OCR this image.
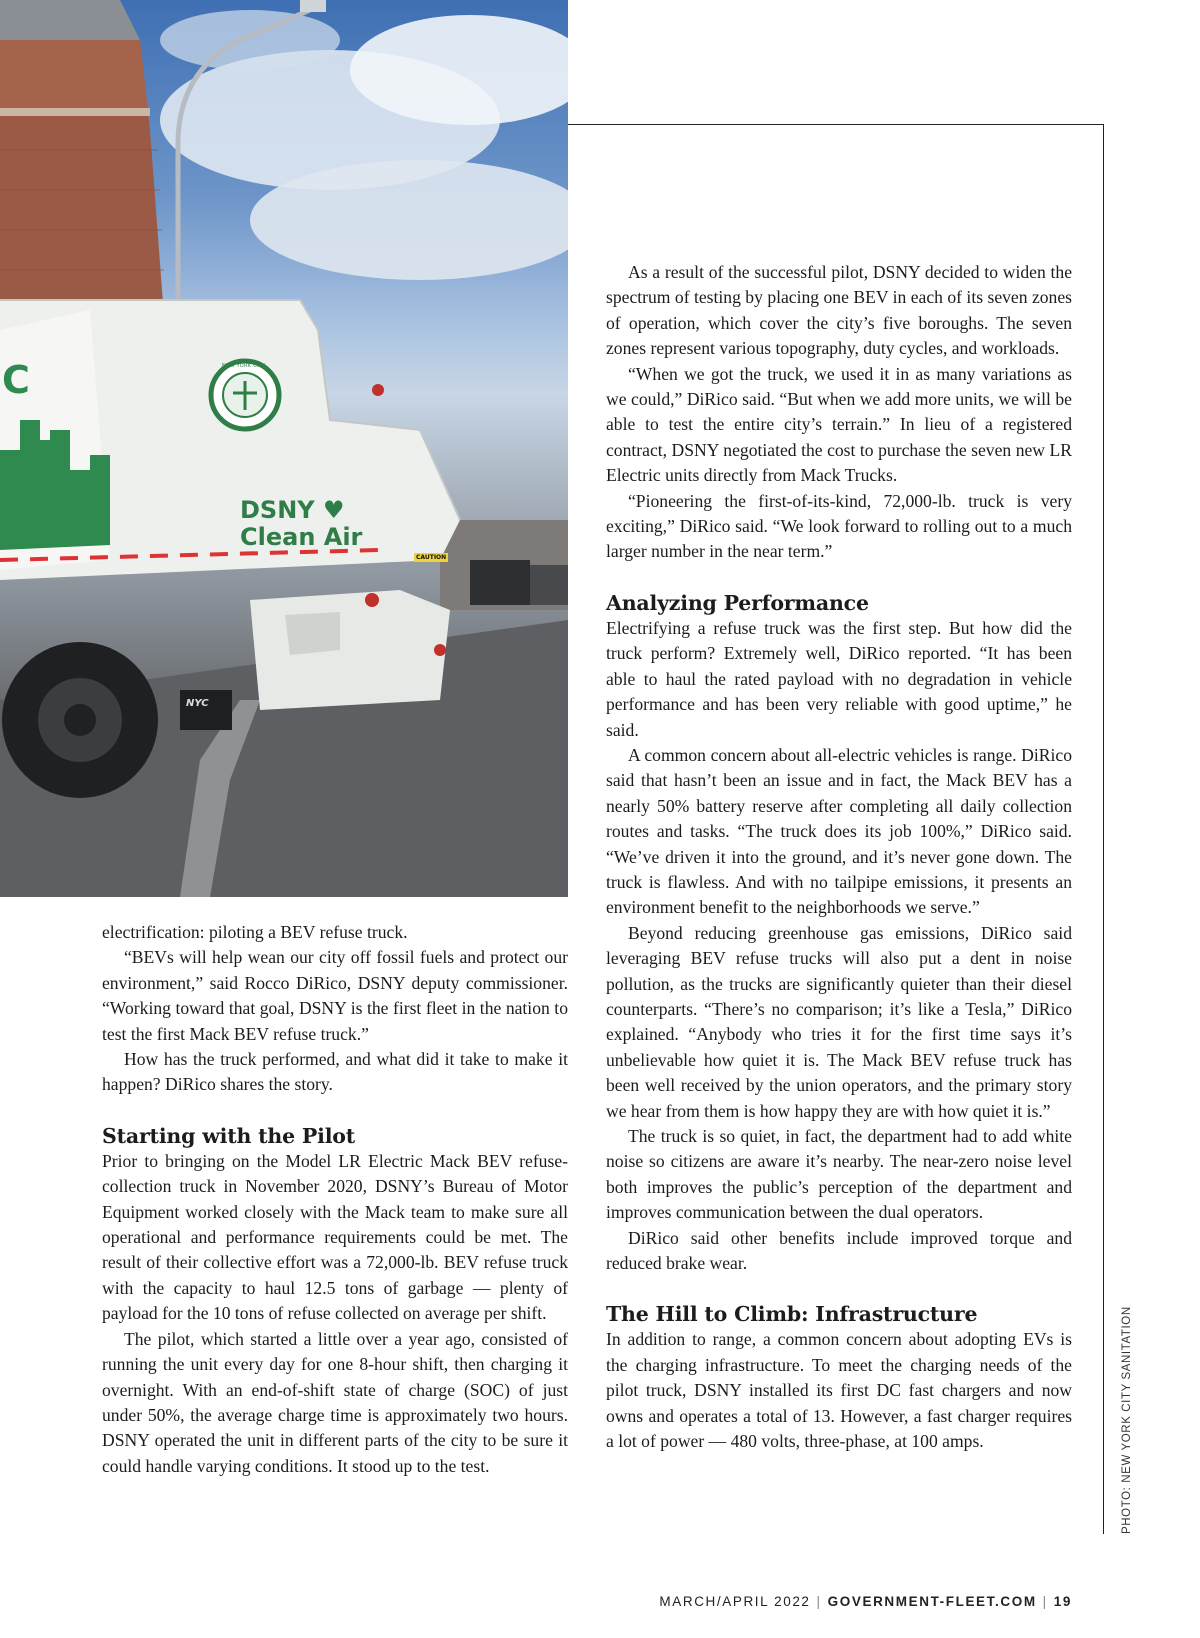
C
DSNY ♥
Clean Air
NEW YORK CITY
CAUTION
NYC

electrification: piloting a BEV refuse truck.

“BEVs will help wean our city off fossil fuels and protect our environment,” said Rocco DiRico, DSNY deputy commissioner. “Working toward that goal, DSNY is the first fleet in the nation to test the first Mack BEV refuse truck.”

How has the truck performed, and what did it take to make it happen? DiRico shares the story.

Starting with the Pilot

Prior to bringing on the Model LR Electric Mack BEV refuse-collection truck in November 2020, DSNY’s Bureau of Motor Equipment worked closely with the Mack team to make sure all operational and performance requirements could be met. The result of their collective effort was a 72,000-lb. BEV refuse truck with the capacity to haul 12.5 tons of garbage — plenty of payload for the 10 tons of refuse collected on average per shift.

The pilot, which started a little over a year ago, consisted of running the unit every day for one 8-hour shift, then charging it overnight. With an end-of-shift state of charge (SOC) of just under 50%, the average charge time is approximately two hours. DSNY operated the unit in different parts of the city to be sure it could handle varying conditions. It stood up to the test.

As a result of the successful pilot, DSNY decided to widen the spectrum of testing by placing one BEV in each of its seven zones of operation, which cover the city’s five boroughs. The seven zones represent various topography, duty cycles, and workloads.

“When we got the truck, we used it in as many variations as we could,” DiRico said. “But when we add more units, we will be able to test the entire city’s terrain.” In lieu of a registered contract, DSNY negotiated the cost to purchase the seven new LR Electric units directly from Mack Trucks.

“Pioneering the first-of-its-kind, 72,000-lb. truck is very exciting,” DiRico said. “We look forward to rolling out to a much larger number in the near term.”

Analyzing Performance

Electrifying a refuse truck was the first step. But how did the truck perform? Extremely well, DiRico reported. “It has been able to haul the rated payload with no degradation in vehicle performance and has been very reliable with good uptime,” he said.

A common concern about all-electric vehicles is range. DiRico said that hasn’t been an issue and in fact, the Mack BEV has a nearly 50% battery reserve after completing all daily collection routes and tasks. “The truck does its job 100%,” DiRico said. “We’ve driven it into the ground, and it’s never gone down. The truck is flawless. And with no tailpipe emissions, it presents an environment benefit to the neighborhoods we serve.”

Beyond reducing greenhouse gas emissions, DiRico said leveraging BEV refuse trucks will also put a dent in noise pollution, as the trucks are significantly quieter than their diesel counterparts. “There’s no comparison; it’s like a Tesla,” DiRico explained. “Anybody who tries it for the first time says it’s unbelievable how quiet it is. The Mack BEV refuse truck has been well received by the union operators, and the primary story we hear from them is how happy they are with how quiet it is.”

The truck is so quiet, in fact, the department had to add white noise so citizens are aware it’s nearby. The near-zero noise level both improves the public’s perception of the department and improves communication between the dual operators.

DiRico said other benefits include improved torque and reduced brake wear.

The Hill to Climb: Infrastructure

In addition to range, a common concern about adopting EVs is the charging infrastructure. To meet the charging needs of the pilot truck, DSNY installed its first DC fast chargers and now owns and operates a total of 13. However, a fast charger requires a lot of power — 480 volts, three-phase, at 100 amps.	PHOTO: NEW YORK CITY SANITATION
MARCH/APRIL 2022 | GOVERNMENT-FLEET.COM | 19
